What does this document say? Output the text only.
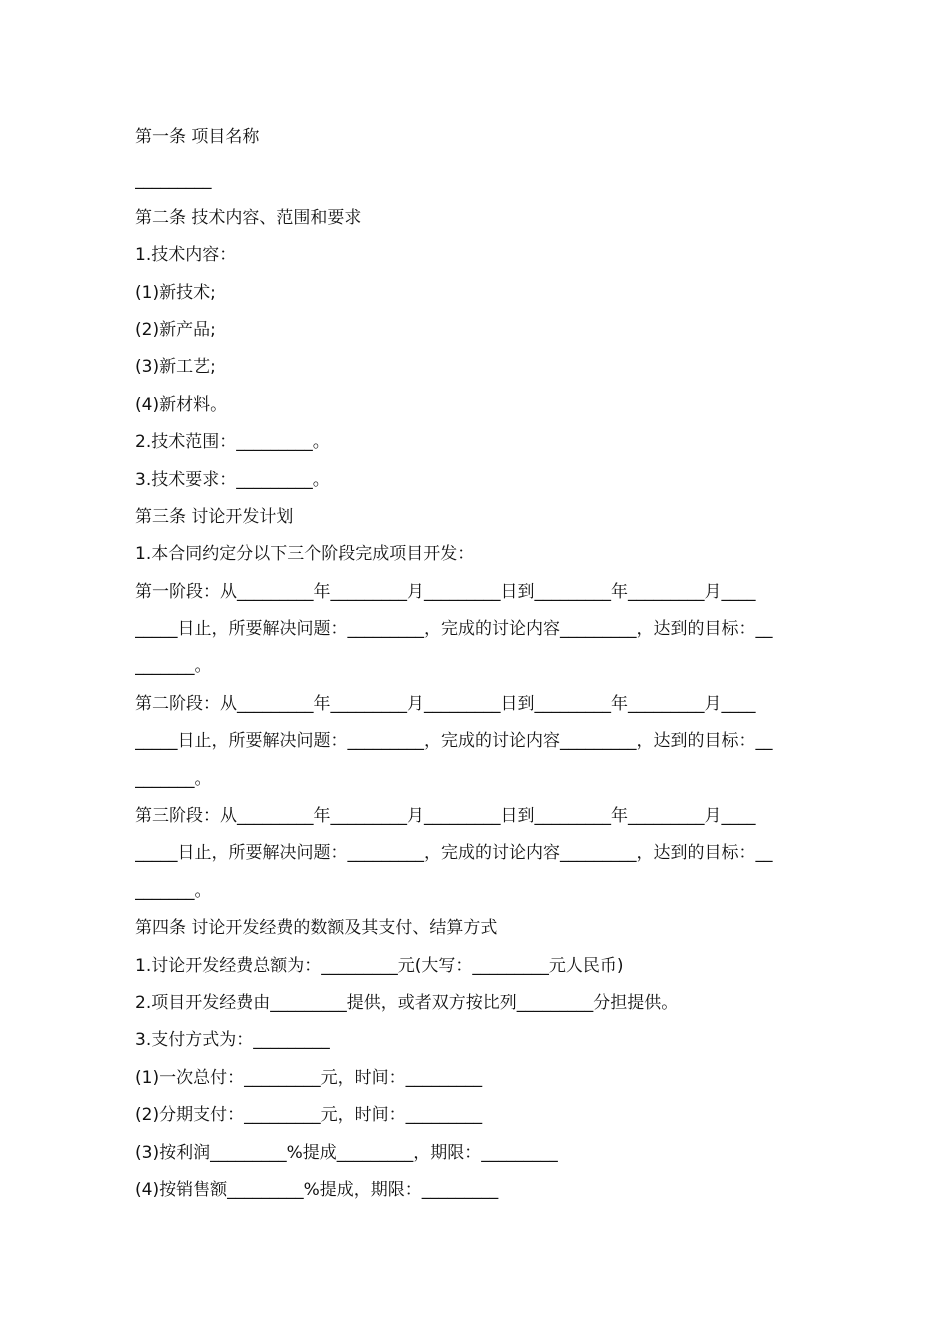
第一条 项目名称
_________
第二条 技术内容、范围和要求
1.技术内容：
(1)新技术;
(2)新产品;
(3)新工艺;
(4)新材料。
2.技术范围：_________。
3.技术要求：_________。
第三条 讨论开发计划
1.本合同约定分以下三个阶段完成项目开发：
第一阶段：从_________年_________月_________日到_________年_________月____
_____日止，所要解决问题：_________，完成的讨论内容_________，达到的目标：__
_______。
第二阶段：从_________年_________月_________日到_________年_________月____
_____日止，所要解决问题：_________，完成的讨论内容_________，达到的目标：__
_______。
第三阶段：从_________年_________月_________日到_________年_________月____
_____日止，所要解决问题：_________，完成的讨论内容_________，达到的目标：__
_______。
第四条 讨论开发经费的数额及其支付、结算方式
1.讨论开发经费总额为：_________元(大写：_________元人民币)
2.项目开发经费由_________提供，或者双方按比列_________分担提供。
3.支付方式为：_________
(1)一次总付：_________元，时间：_________
(2)分期支付：_________元，时间：_________
(3)按利润_________%提成_________，期限：_________
(4)按销售额_________%提成，期限：_________
